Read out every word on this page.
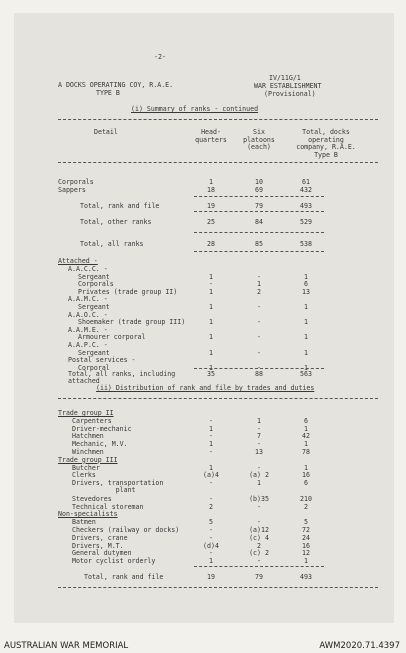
-2-
A DOCKS OPERATING COY, R.A.E.
TYPE B
IV/11G/1
WAR ESTABLISHMENT
(Provisional)
(i) Summary of ranks - continued
Detail	Head-
quarters
Six
platoons
(each)
Total, docks
operating
company, R.A.E.
Type B
Corporals	1	10	61
Sappers	18	69	432
Total, rank and file	19	79	493
Total, other ranks	25	84	529
Total, all ranks	28	85	538
Attached -
A.A.C.C. -
Sergeant	1	-	1
Corporals	-	1	6
Privates (trade group II)	1	2	13
A.A.M.C. -
Sergeant	1	-	1
A.A.O.C. -
Shoemaker (trade group III)	1	-	1
A.A.M.E. -
Armourer corporal	1	-	1
A.A.P.C. -
Sergeant	1	-	1
Postal services -
Corporal	1	-	1
Total, all ranks, including
attached
35	88	563
(ii) Distribution of rank and file by trades and duties
Trade group II
Carpenters	-	1	6
Driver-mechanic	1	-	1
Hatchmen	-	7	42
Mechanic, M.V.	1	-	1
Winchmen	-	13	78
Trade group III
Butcher	1	-	1
Clerks	(a)4	(a) 2	16
Drivers, transportation
plant
-	1	6
Stevedores	-	(b)35	210
Technical storeman	2	-	2
Non-specialists
Batmen	5	-	5
Checkers (railway or docks)	-	(a)12	72
Drivers, crane	-	(c) 4	24
Drivers, M.T.	(d)4	2	16
General dutymen	-	(c) 2	12
Motor cyclist orderly	1	-	1
Total, rank and file	19	79	493
AUSTRALIAN WAR MEMORIAL	AWM2020.71.4397
